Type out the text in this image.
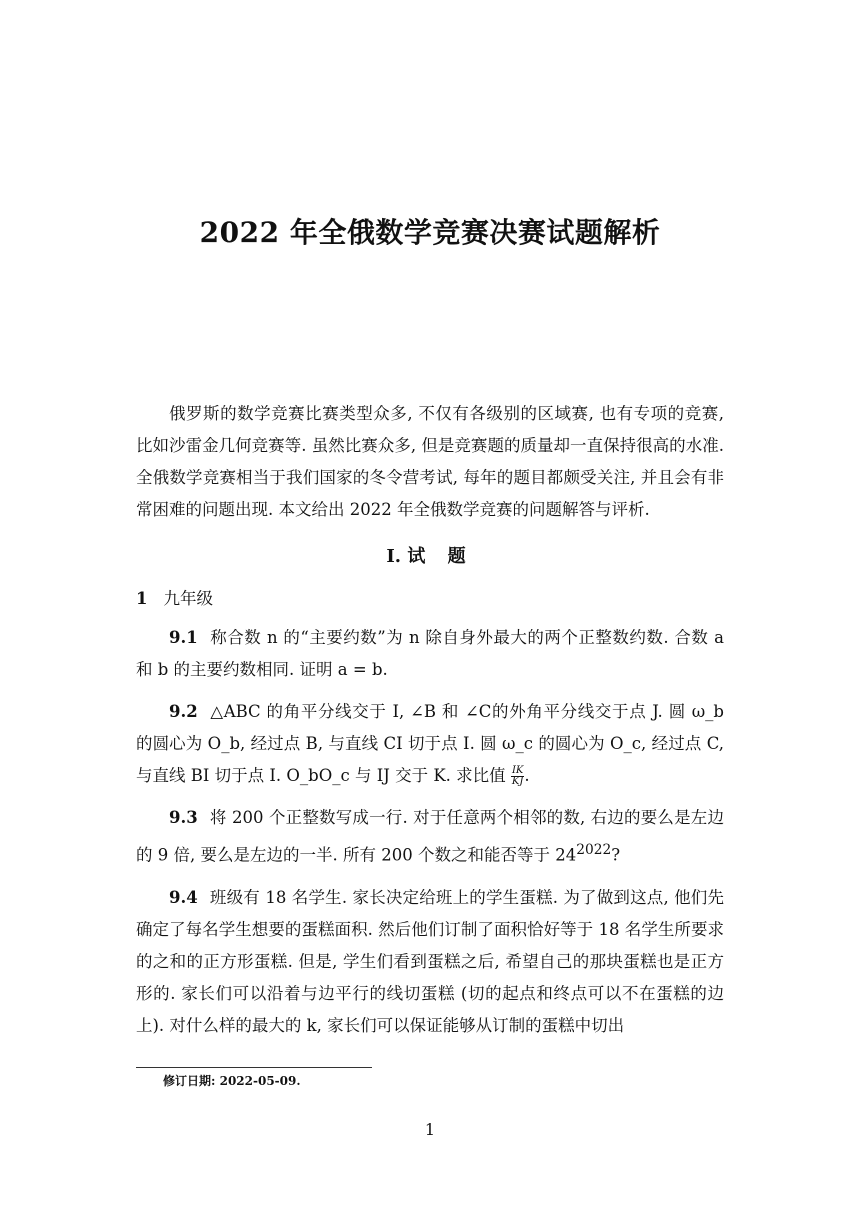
2022 年全俄数学竞赛决赛试题解析

俄罗斯的数学竞赛比赛类型众多, 不仅有各级别的区域赛, 也有专项的竞赛, 比如沙雷金几何竞赛等. 虽然比赛众多, 但是竞赛题的质量却一直保持很高的水准. 全俄数学竞赛相当于我们国家的冬令营考试, 每年的题目都颇受关注, 并且会有非常困难的问题出现. 本文给出 2022 年全俄数学竞赛的问题解答与评析.

I. 试 题
1 九年级

9.1 称合数 n 的“主要约数”为 n 除自身外最大的两个正整数约数. 合数 a 和 b 的主要约数相同. 证明 a = b.

9.2 △ABC 的角平分线交于 I, ∠B 和 ∠C的外角平分线交于点 J. 圆 ω_b 的圆心为 O_b, 经过点 B, 与直线 CI 切于点 I. 圆 ω_c 的圆心为 O_c, 经过点 C, 与直线 BI 切于点 I. O_bO_c 与 IJ 交于 K. 求比值 $\frac{IK}{KJ}$ .

9.3 将 200 个正整数写成一行. 对于任意两个相邻的数, 右边的要么是左边的 9 倍, 要么是左边的一半. 所有 200 个数之和能否等于 $24^{2022}$?

9.4 班级有 18 名学生. 家长决定给班上的学生蛋糕. 为了做到这点, 他们先确定了每名学生想要的蛋糕面积. 然后他们订制了面积恰好等于 18 名学生所要求的之和的正方形蛋糕. 但是, 学生们看到蛋糕之后, 希望自己的那块蛋糕也是正方形的. 家长们可以沿着与边平行的线切蛋糕 (切的起点和终点可以不在蛋糕的边上). 对什么样的最大的 k, 家长们可以保证能够从订制的蛋糕中切出

修订日期: 2022-05-09.
1
